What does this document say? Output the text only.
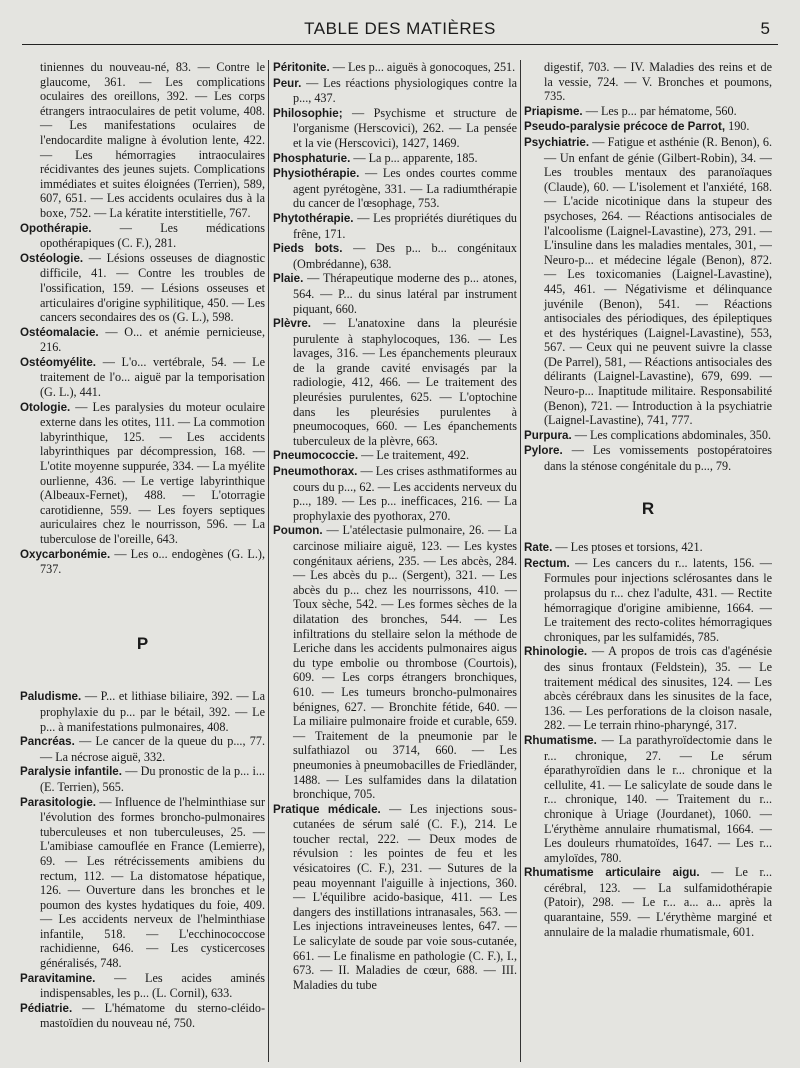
TABLE DES MATIÈRES	5

tiniennes du nouveau-né, 83. — Contre le glaucome, 361. — Les complications oculaires des oreillons, 392. — Les corps étrangers intraoculaires de petit volume, 408. — Les manifestations oculaires de l'endocardite maligne à évolution lente, 422. — Les hémorragies intraoculaires récidivantes des jeunes sujets. Complications immédiates et suites éloignées (Terrien), 589, 607, 651. — Les accidents oculaires dus à la boxe, 752. — La kératite interstitielle, 767.

Opothérapie. — Les médications opothérapiques (C. F.), 281.

Ostéologie. — Lésions osseuses de diagnostic difficile, 41. — Contre les troubles de l'ossification, 159. — Lésions osseuses et articulaires d'origine syphilitique, 450. — Les cancers secondaires des os (G. L.), 598.

Ostéomalacie. — O... et anémie pernicieuse, 216.

Ostéomyélite. — L'o... vertébrale, 54. — Le traitement de l'o... aiguë par la temporisation (G. L.), 441.

Otologie. — Les paralysies du moteur oculaire externe dans les otites, 111. — La commotion labyrinthique, 125. — Les accidents labyrinthiques par décompression, 168. — L'otite moyenne suppurée, 334. — La myélite ourlienne, 436. — Le vertige labyrinthique (Albeaux-Fernet), 488. — L'otorragie carotidienne, 559. — Les foyers septiques auriculaires chez le nourrisson, 596. — La tuberculose de l'oreille, 643.

Oxycarbonémie. — Les o... endogènes (G. L.), 737.

P

Paludisme. — P... et lithiase biliaire, 392. — La prophylaxie du p... par le bétail, 392. — Le p... à manifestations pulmonaires, 408.

Pancréas. — Le cancer de la queue du p..., 77. — La nécrose aiguë, 332.

Paralysie infantile. — Du pronostic de la p... i... (E. Terrien), 565.

Parasitologie. — Influence de l'helminthiase sur l'évolution des formes broncho-pulmonaires tuberculeuses et non tuberculeuses, 25. — L'amibiase camouflée en France (Lemierre), 69. — Les rétrécissements amibiens du rectum, 112. — La distomatose hépatique, 126. — Ouverture dans les bronches et le poumon des kystes hydatiques du foie, 409. — Les accidents nerveux de l'helminthiase infantile, 518. — L'ecchinococcose rachidienne, 646. — Les cysticercoses généralisés, 748.

Paravitamine. — Les acides aminés indispensables, les p... (L. Cornil), 633.

Pédiatrie. — L'hématome du sterno-cléido-mastoïdien du nouveau né, 750.

Péritonite. — Les p... aiguës à gonocoques, 251.

Peur. — Les réactions physiologiques contre la p..., 437.

Philosophie; — Psychisme et structure de l'organisme (Herscovici), 262. — La pensée et la vie (Herscovici), 1427, 1469.

Phosphaturie. — La p... apparente, 185.

Physiothérapie. — Les ondes courtes comme agent pyrétogène, 331. — La radiumthérapie du cancer de l'œsophage, 753.

Phytothérapie. — Les propriétés diurétiques du frêne, 171.

Pieds bots. — Des p... b... congénitaux (Ombrédanne), 638.

Plaie. — Thérapeutique moderne des p... atones, 564. — P... du sinus latéral par instrument piquant, 660.

Plèvre. — L'anatoxine dans la pleurésie purulente à staphylocoques, 136. — Les lavages, 316. — Les épanchements pleuraux de la grande cavité envisagés par la radiologie, 412, 466. — Le traitement des pleurésies purulentes, 625. — L'optochine dans les pleurésies purulentes à pneumocoques, 660. — Les épanchements tuberculeux de la plèvre, 663.

Pneumococcie. — Le traitement, 492.

Pneumothorax. — Les crises asthmatiformes au cours du p..., 62. — Les accidents nerveux du p..., 189. — Les p... inefficaces, 216. — La prophylaxie des pyothorax, 270.

Poumon. — L'atélectasie pulmonaire, 26. — La carcinose miliaire aiguë, 123. — Les kystes congénitaux aériens, 235. — Les abcès, 284. — Les abcès du p... (Sergent), 321. — Les abcès du p... chez les nourrissons, 410. — Toux sèche, 542. — Les formes sèches de la dilatation des bronches, 544. — Les infiltrations du stellaire selon la méthode de Leriche dans les accidents pulmonaires aigus du type embolie ou thrombose (Courtois), 609. — Les corps étrangers bronchiques, 610. — Les tumeurs broncho-pulmonaires bénignes, 627. — Bronchite fétide, 640. — La miliaire pulmonaire froide et curable, 659. — Traitement de la pneumonie par le sulfathiazol ou 3714, 660. — Les pneumonies à pneumobacilles de Friedländer, 1488. — Les sulfamides dans la dilatation bronchique, 705.

Pratique médicale. — Les injections sous-cutanées de sérum salé (C. F.), 214. Le toucher rectal, 222. — Deux modes de révulsion : les pointes de feu et les vésicatoires (C. F.), 231. — Sutures de la peau moyennant l'aiguille à injections, 360. — L'équilibre acido-basique, 411. — Les dangers des instillations intranasales, 563. — Les injections intraveineuses lentes, 647. — Le salicylate de soude par voie sous-cutanée, 661. — Le finalisme en pathologie (C. F.), I., 673. — II. Maladies de cœur, 688. — III. Maladies du tube

digestif, 703. — IV. Maladies des reins et de la vessie, 724. — V. Bronches et poumons, 735.

Priapisme. — Les p... par hématome, 560.

Pseudo-paralysie précoce de Parrot, 190.

Psychiatrie. — Fatigue et asthénie (R. Benon), 6. — Un enfant de génie (Gilbert-Robin), 34. — Les troubles mentaux des paranoïaques (Claude), 60. — L'isolement et l'anxiété, 168. — L'acide nicotinique dans la stupeur des psychoses, 264. — Réactions antisociales de l'alcoolisme (Laignel-Lavastine), 273, 291. — L'insuline dans les maladies mentales, 301, — Neuro-p... et médecine légale (Benon), 872. — Les toxicomanies (Laignel-Lavastine), 445, 461. — Négativisme et délinquance juvénile (Benon), 541. — Réactions antisociales des périodiques, des épileptiques et des hystériques (Laignel-Lavastine), 553, 567. — Ceux qui ne peuvent suivre la classe (De Parrel), 581, — Réactions antisociales des délirants (Laignel-Lavastine), 679, 699. — Neuro-p... Inaptitude militaire. Responsabilité (Benon), 721. — Introduction à la psychiatrie (Laignel-Lavastine), 741, 777.

Purpura. — Les complications abdominales, 350.

Pylore. — Les vomissements postopératoires dans la sténose congénitale du p..., 79.

R

Rate. — Les ptoses et torsions, 421.

Rectum. — Les cancers du r... latents, 156. — Formules pour injections sclérosantes dans le prolapsus du r... chez l'adulte, 431. — Rectite hémorragique d'origine amibienne, 1664. — Le traitement des recto-colites hémorragiques chroniques, par les sulfamidés, 785.

Rhinologie. — A propos de trois cas d'agénésie des sinus frontaux (Feldstein), 35. — Le traitement médical des sinusites, 124. — Les abcès cérébraux dans les sinusites de la face, 136. — Les perforations de la cloison nasale, 282. — Le terrain rhino-pharyngé, 317.

Rhumatisme. — La parathyroïdectomie dans le r... chronique, 27. — Le sérum éparathyroïdien dans le r... chronique et la cellulite, 41. — Le salicylate de soude dans le r... chronique, 140. — Traitement du r... chronique à Uriage (Jourdanet), 1060. — L'érythème annulaire rhumatismal, 1664. — Les douleurs rhumatoïdes, 1647. — Les r... amyloïdes, 780.

Rhumatisme articulaire aigu. — Le r... cérébral, 123. — La sulfamidothérapie (Patoir), 298. — Le r... a... a... après la quarantaine, 559. — L'érythème marginé et annulaire de la maladie rhumatismale, 601.
